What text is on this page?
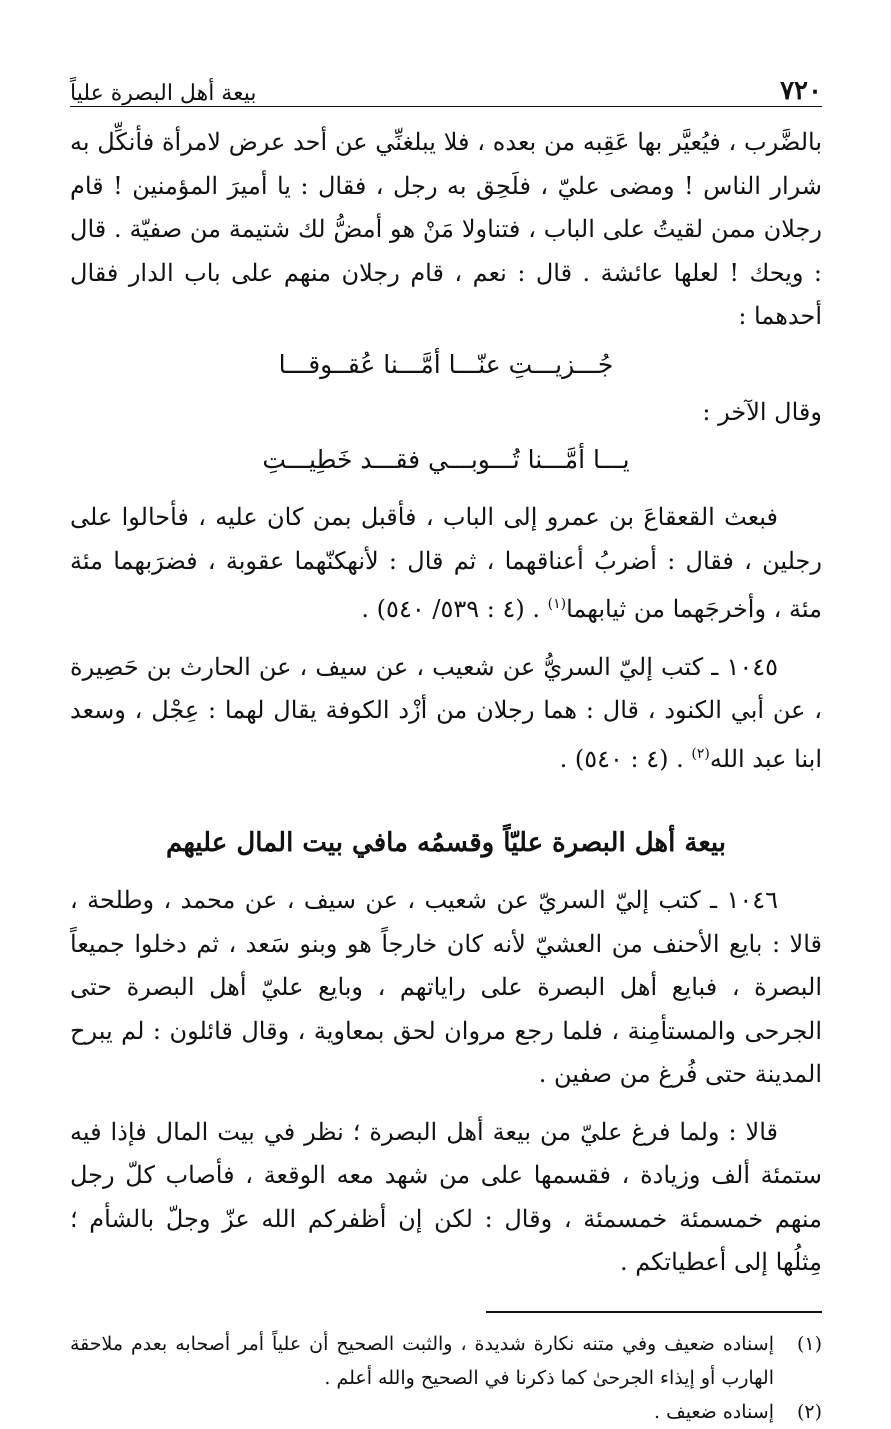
٧٢٠
بيعة أهل البصرة علياً

بالضَّرب ، فيُعيَّر بها عَقِبه من بعده ، فلا يبلغنِّي عن أحد عرض لامرأة فأنكِّل به شرار الناس ! ومضى عليّ ، فلَحِق به رجل ، فقال : يا أميرَ المؤمنين ! قام رجلان ممن لقيتُ على الباب ، فتناولا مَنْ هو أمضُّ لك شتيمة من صفيّة . قال : ويحك ! لعلها عائشة . قال : نعم ، قام رجلان منهم على باب الدار فقال أحدهما :

جُـــزيـــتِ عنّـــا أمَّـــنا عُقــوقـــا

وقال الآخر :

يـــا أمَّـــنا تُـــوبـــي فقـــد خَطِيـــتِ

فبعث القعقاعَ بن عمرو إلى الباب ، فأقبل بمن كان عليه ، فأحالوا على رجلين ، فقال : أضربُ أعناقهما ، ثم قال : لأنهكنّهما عقوبة ، فضرَبهما مئة مئة ، وأخرجَهما من ثيابهما$^{(١)}$ . (٤ : ٥٣٩/ ٥٤٠) .

١٠٤٥ ـ كتب إليّ السريُّ عن شعيب ، عن سيف ، عن الحارث بن حَصِيرة ، عن أبي الكنود ، قال : هما رجلان من أزْد الكوفة يقال لهما : عِجْل ، وسعد ابنا عبد الله$^{(٢)}$ . (٤ : ٥٤٠) .

بيعة أهل البصرة عليّاً وقسمُه مافي بيت المال عليهم

١٠٤٦ ـ كتب إليّ السريّ عن شعيب ، عن سيف ، عن محمد ، وطلحة ، قالا : بايع الأحنف من العشيّ لأنه كان خارجاً هو وبنو سَعد ، ثم دخلوا جميعاً البصرة ، فبايع أهل البصرة على راياتهم ، وبايع عليّ أهل البصرة حتى الجرحى والمستأمِنة ، فلما رجع مروان لحق بمعاوية ، وقال قائلون : لم يبرح المدينة حتى فُرغ من صفين .

قالا : ولما فرغ عليّ من بيعة أهل البصرة ؛ نظر في بيت المال فإذا فيه ستمئة ألف وزيادة ، فقسمها على من شهد معه الوقعة ، فأصاب كلّ رجل منهم خمسمئة خمسمئة ، وقال : لكن إن أظفركم الله عزّ وجلّ بالشأم ؛ مِثلُها إلى أعطياتكم .

(١)
إسناده ضعيف وفي متنه نكارة شديدة ، والثبت الصحيح أن علياً أمر أصحابه بعدم ملاحقة الهارب أو إيذاء الجرحىٰ كما ذكرنا في الصحيح والله أعلم .
(٢)
إسناده ضعيف .
